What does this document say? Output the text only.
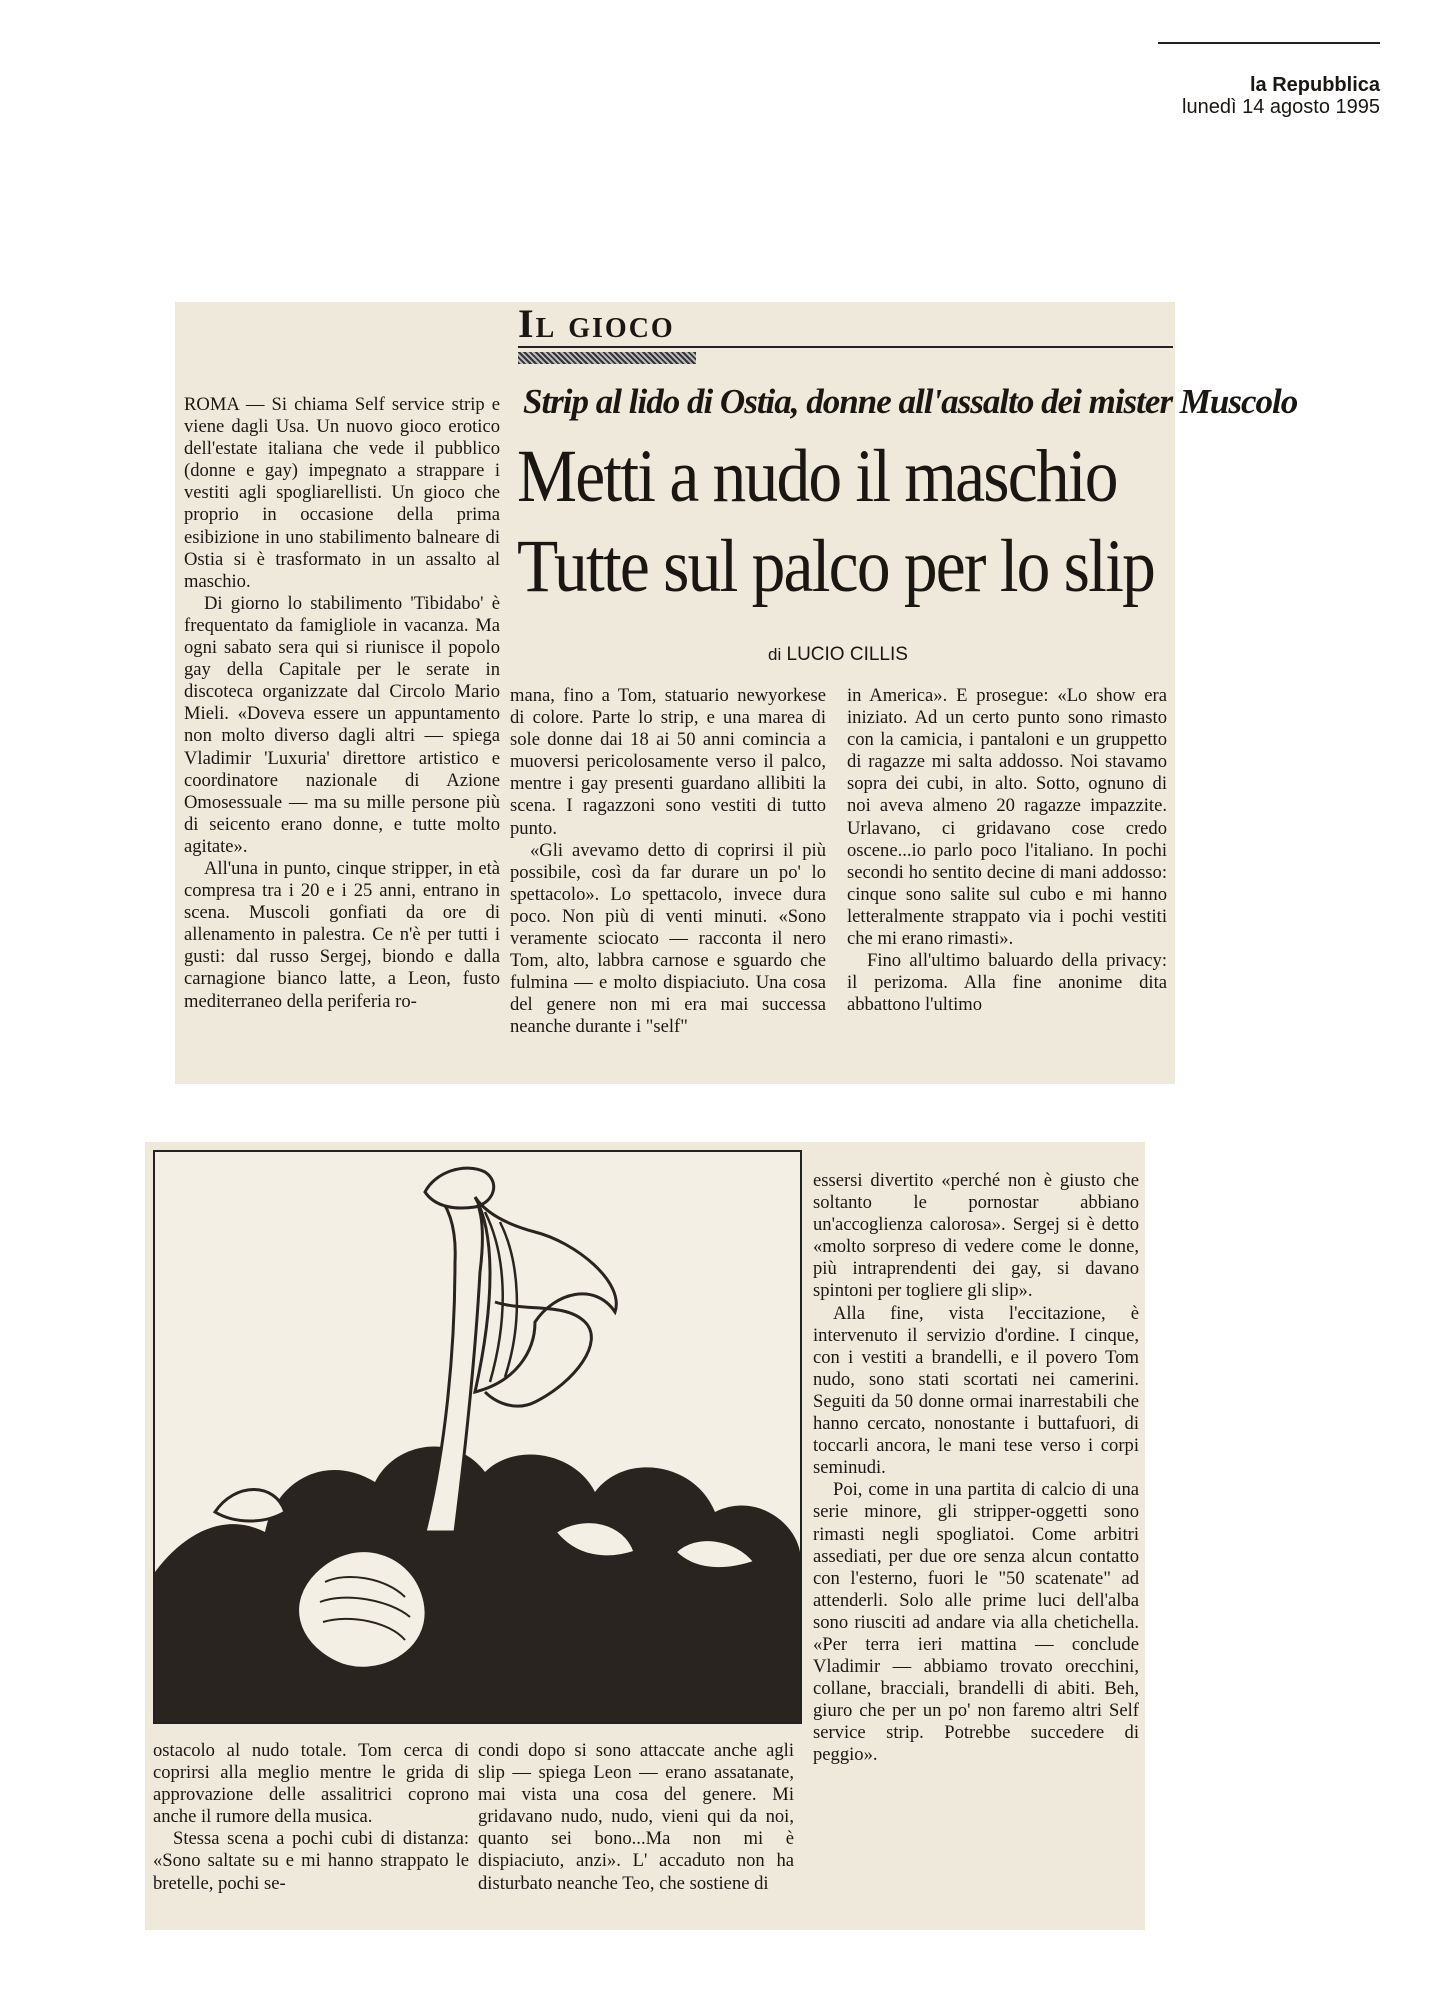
la Repubblica
lunedì 14 agosto 1995
Il gioco
Strip al lido di Ostia, donne all'assalto dei mister Muscolo
Metti a nudo il maschio
Tutte sul palco per lo slip
di LUCIO CILLIS

ROMA — Si chiama Self service strip e viene dagli Usa. Un nuovo gioco erotico dell'estate italiana che vede il pubblico (donne e gay) impegnato a strappare i vestiti agli spogliarellisti. Un gioco che proprio in occasione della prima esibizione in uno stabilimento balneare di Ostia si è trasformato in un assalto al maschio.

Di giorno lo stabilimento 'Tibidabo' è frequentato da famigliole in vacanza. Ma ogni sabato sera qui si riunisce il popolo gay della Capitale per le serate in discoteca organizzate dal Circolo Mario Mieli. «Doveva essere un appuntamento non molto diverso dagli altri — spiega Vladimir 'Luxuria' direttore artistico e coordinatore nazionale di Azione Omosessuale — ma su mille persone più di seicento erano donne, e tutte molto agitate».

All'una in punto, cinque stripper, in età compresa tra i 20 e i 25 anni, entrano in scena. Muscoli gonfiati da ore di allenamento in palestra. Ce n'è per tutti i gusti: dal russo Sergej, biondo e dalla carnagione bianco latte, a Leon, fusto mediterraneo della periferia ro-

mana, fino a Tom, statuario newyorkese di colore. Parte lo strip, e una marea di sole donne dai 18 ai 50 anni comincia a muoversi pericolosamente verso il palco, mentre i gay presenti guardano allibiti la scena. I ragazzoni sono vestiti di tutto punto.

«Gli avevamo detto di coprirsi il più possibile, così da far durare un po' lo spettacolo». Lo spettacolo, invece dura poco. Non più di venti minuti. «Sono veramente sciocato — racconta il nero Tom, alto, labbra carnose e sguardo che fulmina — e molto dispiaciuto. Una cosa del genere non mi era mai successa neanche durante i "self"

in America». E prosegue: «Lo show era iniziato. Ad un certo punto sono rimasto con la camicia, i pantaloni e un gruppetto di ragazze mi salta addosso. Noi stavamo sopra dei cubi, in alto. Sotto, ognuno di noi aveva almeno 20 ragazze impazzite. Urlavano, ci gridavano cose credo oscene...io parlo poco l'italiano. In pochi secondi ho sentito decine di mani addosso: cinque sono salite sul cubo e mi hanno letteralmente strappato via i pochi vestiti che mi erano rimasti».

Fino all'ultimo baluardo della privacy: il perizoma. Alla fine anonime dita abbattono l'ultimo

VEŽEK

ostacolo al nudo totale. Tom cerca di coprirsi alla meglio mentre le grida di approvazione delle assalitrici coprono anche il rumore della musica.

Stessa scena a pochi cubi di distanza: «Sono saltate su e mi hanno strappato le bretelle, pochi se-

condi dopo si sono attaccate anche agli slip — spiega Leon — erano assatanate, mai vista una cosa del genere. Mi gridavano nudo, nudo, vieni qui da noi, quanto sei bono...Ma non mi è dispiaciuto, anzi». L' accaduto non ha disturbato neanche Teo, che sostiene di

essersi divertito «perché non è giusto che soltanto le pornostar abbiano un'accoglienza calorosa». Sergej si è detto «molto sorpreso di vedere come le donne, più intraprendenti dei gay, si davano spintoni per togliere gli slip».

Alla fine, vista l'eccitazione, è intervenuto il servizio d'ordine. I cinque, con i vestiti a brandelli, e il povero Tom nudo, sono stati scortati nei camerini. Seguiti da 50 donne ormai inarrestabili che hanno cercato, nonostante i buttafuori, di toccarli ancora, le mani tese verso i corpi seminudi.

Poi, come in una partita di calcio di una serie minore, gli stripper-oggetti sono rimasti negli spogliatoi. Come arbitri assediati, per due ore senza alcun contatto con l'esterno, fuori le "50 scatenate" ad attenderli. Solo alle prime luci dell'alba sono riusciti ad andare via alla chetichella. «Per terra ieri mattina — conclude Vladimir — abbiamo trovato orecchini, collane, bracciali, brandelli di abiti. Beh, giuro che per un po' non faremo altri Self service strip. Potrebbe succedere di peggio».
